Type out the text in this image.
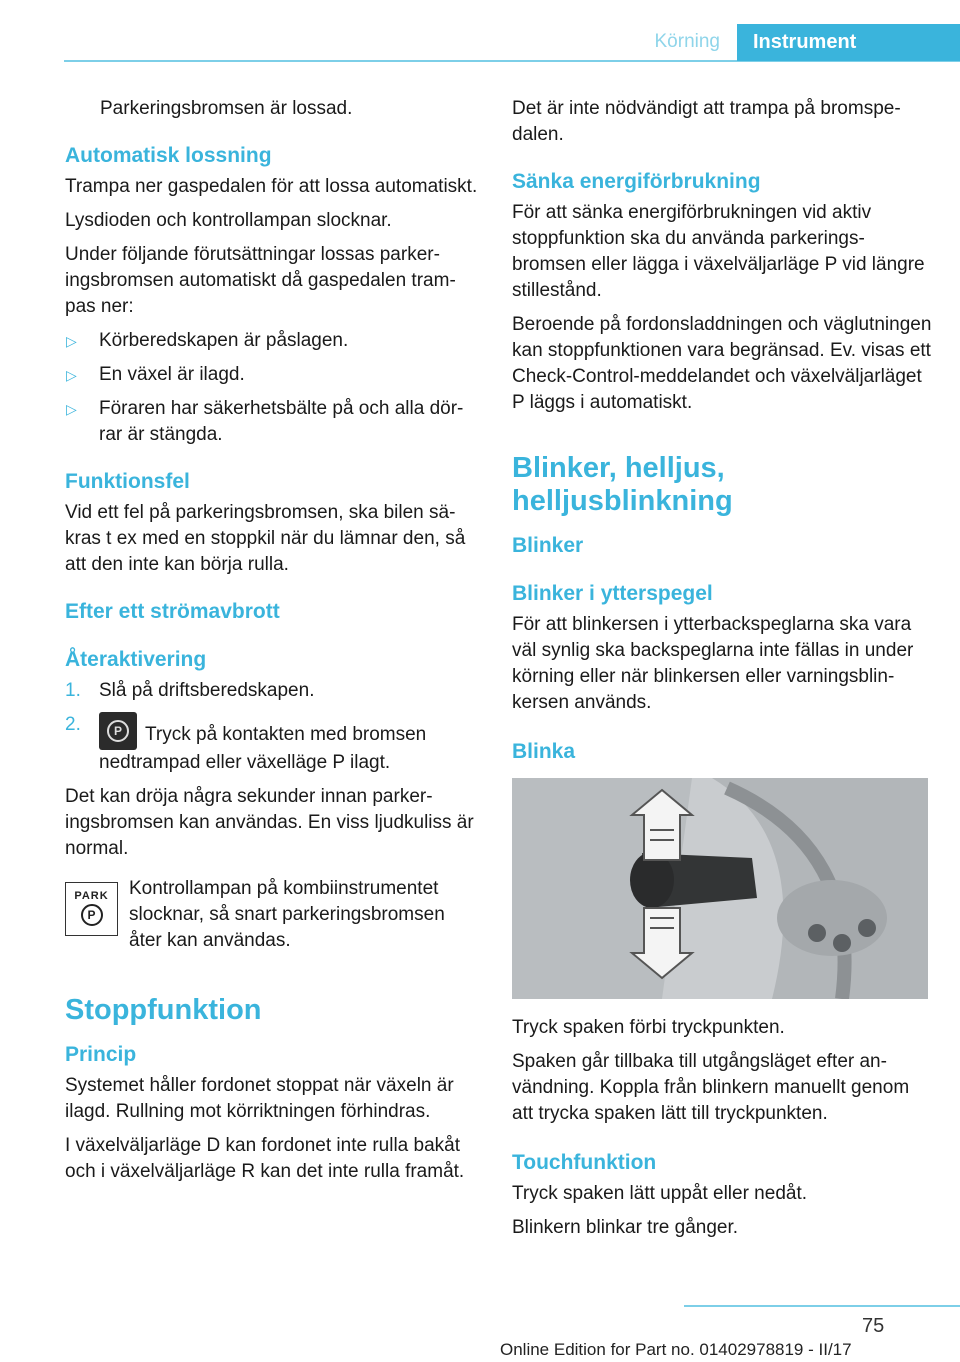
Körning	Instrument

Parkeringsbromsen är lossad.

Automatisk lossning

Trampa ner gaspedalen för att lossa automatiskt.

Lysdioden och kontrollampan slocknar.

Under följande förutsättningar lossas parkeringsbromsen automatiskt då gaspedalen trampas ner:

▷ Körberedskapen är påslagen.
▷ En växel är ilagd.
▷ Föraren har säkerhetsbälte på och alla dörrar är stängda.
Funktionsfel

Vid ett fel på parkeringsbromsen, ska bilen säkras t ex med en stoppkil när du lämnar den, så att den inte kan börja rulla.

Efter ett strömavbrott
Återaktivering
1. Slå på driftsberedskapen.
2.	P	Tryck på kontakten med bromsen nedtrampad eller växelläge P ilagt.

Det kan dröja några sekunder innan parkeringsbromsen kan användas. En viss ljudkuliss är normal.

PARK
P

Kontrollampan på kombiinstrumentet slocknar, så snart parkeringsbromsen åter kan användas.

Stoppfunktion
Princip

Systemet håller fordonet stoppat när växeln är ilagd. Rullning mot körriktningen förhindras.

I växelväljarläge D kan fordonet inte rulla bakåt och i växelväljarläge R kan det inte rulla framåt.

Det är inte nödvändigt att trampa på bromspedalen.

Sänka energiförbrukning

För att sänka energiförbrukningen vid aktiv stoppfunktion ska du använda parkeringsbromsen eller lägga i växelväljarläge P vid längre stillestånd.

Beroende på fordonsladdningen och väglutningen kan stoppfunktionen vara begränsad. Ev. visas ett Check-Control-meddelandet och växelväljarläget P läggs i automatiskt.

Blinker, helljus, helljusblinkning
Blinker
Blinker i ytterspegel

För att blinkersen i ytterbackspeglarna ska vara väl synlig ska backspeglarna inte fällas in under körning eller när blinkersen eller varningsblinkersen används.

Blinka

Tryck spaken förbi tryckpunkten.

Spaken går tillbaka till utgångsläget efter användning. Koppla från blinkern manuellt genom att trycka spaken lätt till tryckpunkten.

Touchfunktion

Tryck spaken lätt uppåt eller nedåt.

Blinkern blinkar tre gånger.

75
Online Edition for Part no. 01402978819 - II/17
